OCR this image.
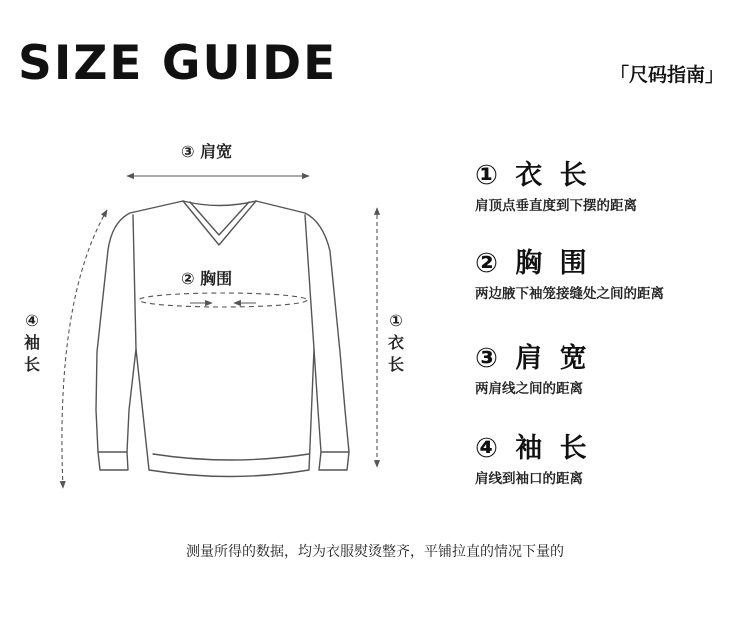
SIZE GUIDE	「尺码指南」
③ 肩宽
② 胸围
④
袖
长
①
衣
长
① 衣 长
肩顶点垂直度到下摆的距离
② 胸 围
两边腋下袖笼接缝处之间的距离
③ 肩 宽
两肩线之间的距离
④ 袖 长
肩线到袖口的距离
测量所得的数据，均为衣服熨烫整齐，平铺拉直的情况下量的
